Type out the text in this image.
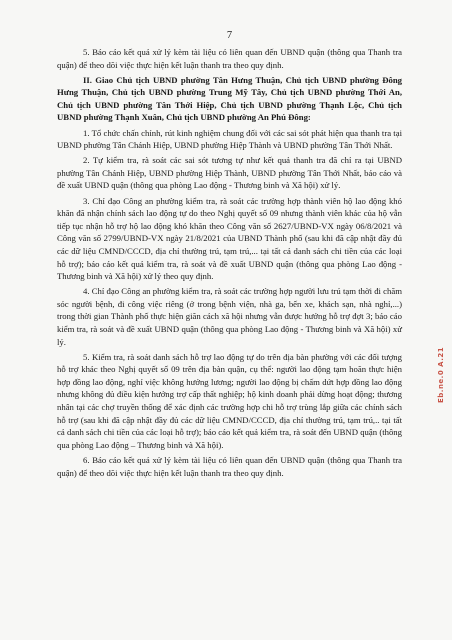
7

5. Báo cáo kết quả xử lý kèm tài liệu có liên quan đến UBND quận (thông qua Thanh tra quận) để theo dõi việc thực hiện kết luận thanh tra theo quy định.

II. Giao Chủ tịch UBND phường Tân Hưng Thuận, Chủ tịch UBND phường Đông Hưng Thuận, Chủ tịch UBND phường Trung Mỹ Tây, Chủ tịch UBND phường Thới An, Chủ tịch UBND phường Tân Thới Hiệp, Chủ tịch UBND phường Thạnh Lộc, Chủ tịch UBND phường Thạnh Xuân, Chủ tịch UBND phường An Phú Đông:

1. Tổ chức chấn chỉnh, rút kinh nghiệm chung đối với các sai sót phát hiện qua thanh tra tại UBND phường Tân Chánh Hiệp, UBND phường Hiệp Thành và UBND phường Tân Thới Nhất.

2. Tự kiểm tra, rà soát các sai sót tương tự như kết quả thanh tra đã chỉ ra tại UBND phường Tân Chánh Hiệp, UBND phường Hiệp Thành, UBND phường Tân Thới Nhất, báo cáo và đề xuất UBND quận (thông qua phòng Lao động - Thương binh và Xã hội) xử lý.

3. Chỉ đạo Công an phường kiểm tra, rà soát các trường hợp thành viên hộ lao động khó khăn đã nhận chính sách lao động tự do theo Nghị quyết số 09 nhưng thành viên khác của hộ vẫn tiếp tục nhận hỗ trợ hộ lao động khó khăn theo Công văn số 2627/UBND-VX ngày 06/8/2021 và Công văn số 2799/UBND-VX ngày 21/8/2021 của UBND Thành phố (sau khi đã cập nhật đầy đủ các dữ liệu CMND/CCCD, địa chỉ thường trú, tạm trú,... tại tất cả danh sách chi tiền của các loại hỗ trợ); báo cáo kết quả kiểm tra, rà soát và đề xuất UBND quận (thông qua phòng Lao động - Thương binh và Xã hội) xử lý theo quy định.

4. Chỉ đạo Công an phường kiểm tra, rà soát các trường hợp người lưu trú tạm thời đi chăm sóc người bệnh, đi công việc riêng (ở trong bệnh viện, nhà ga, bến xe, khách sạn, nhà nghỉ,...) trong thời gian Thành phố thực hiện giãn cách xã hội nhưng vẫn được hưởng hỗ trợ đợt 3; báo cáo kiểm tra, rà soát và đề xuất UBND quận (thông qua phòng Lao động - Thương binh và Xã hội) xử lý.

5. Kiểm tra, rà soát danh sách hỗ trợ lao động tự do trên địa bàn phường với các đối tượng hỗ trợ khác theo Nghị quyết số 09 trên địa bàn quận, cụ thể: người lao động tạm hoãn thực hiện hợp đồng lao động, nghỉ việc không hưởng lương; người lao động bị chấm dứt hợp đồng lao động nhưng không đủ điều kiện hưởng trợ cấp thất nghiệp; hộ kinh doanh phải dừng hoạt động; thương nhân tại các chợ truyền thống để xác định các trường hợp chi hỗ trợ trùng lắp giữa các chính sách hỗ trợ (sau khi đã cập nhật đầy đủ các dữ liệu CMND/CCCD, địa chỉ thường trú, tạm trú,.. tại tất cả danh sách chi tiền của các loại hỗ trợ); báo cáo kết quả kiểm tra, rà soát đến UBND quận (thông qua phòng Lao động – Thương binh và Xã hội).

6. Báo cáo kết quả xử lý kèm tài liệu có liên quan đến UBND quận (thông qua Thanh tra quận) để theo dõi việc thực hiện kết luận thanh tra theo quy định.

Eb.ne.0 A.21
